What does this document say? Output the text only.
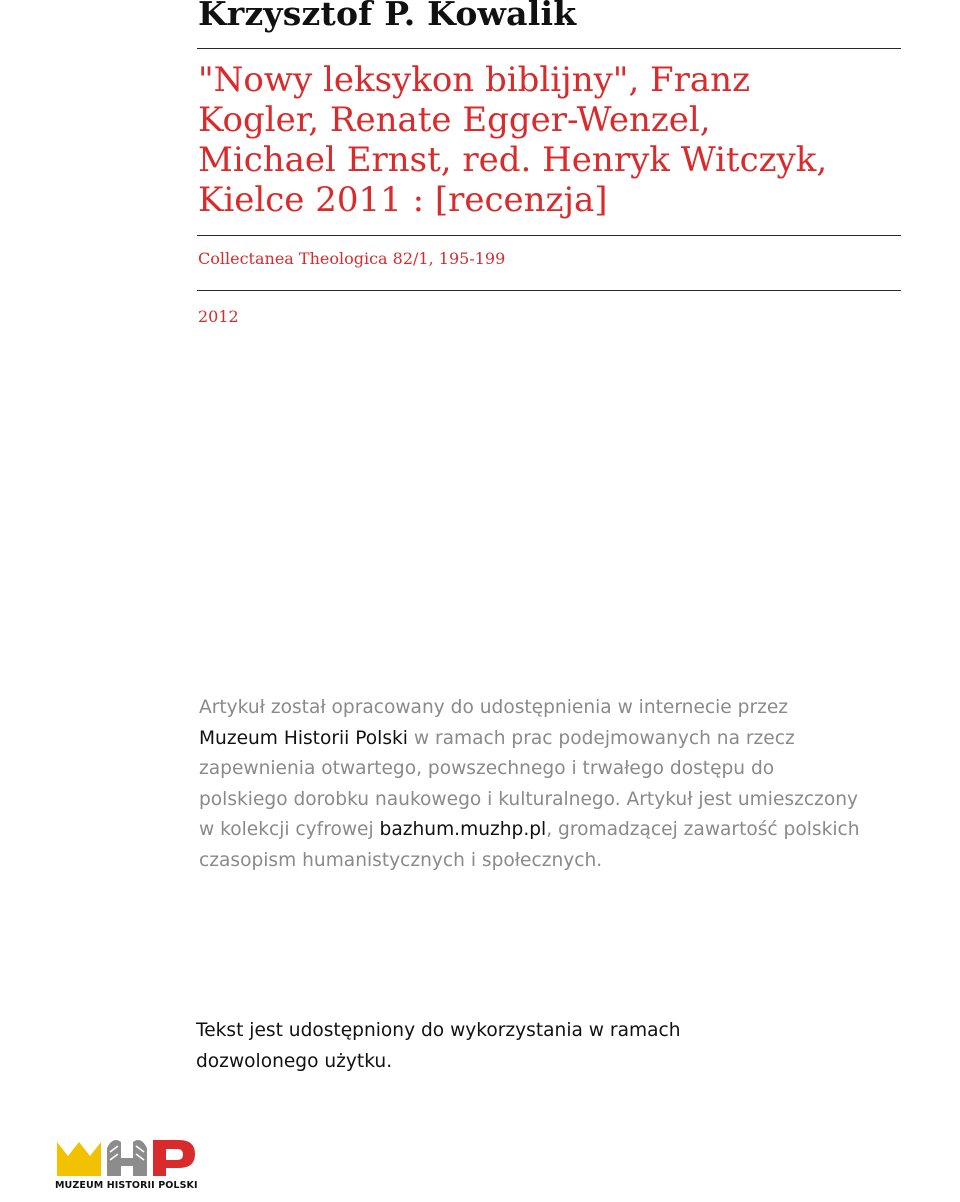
Krzysztof P. Kowalik
"Nowy leksykon biblijny", Franz
Kogler, Renate Egger-Wenzel,
Michael Ernst, red. Henryk Witczyk,
Kielce 2011 : [recenzja]
Collectanea Theologica 82/1, 195-199
2012
Artykuł został opracowany do udostępnienia w internecie przez
Muzeum Historii Polski w ramach prac podejmowanych na rzecz
zapewnienia otwartego, powszechnego i trwałego dostępu do
polskiego dorobku naukowego i kulturalnego. Artykuł jest umieszczony
w kolekcji cyfrowej bazhum.muzhp.pl, gromadzącej zawartość polskich
czasopism humanistycznych i społecznych.
Tekst jest udostępniony do wykorzystania w ramach
dozwolonego użytku.
MUZEUM HISTORII POLSKI
